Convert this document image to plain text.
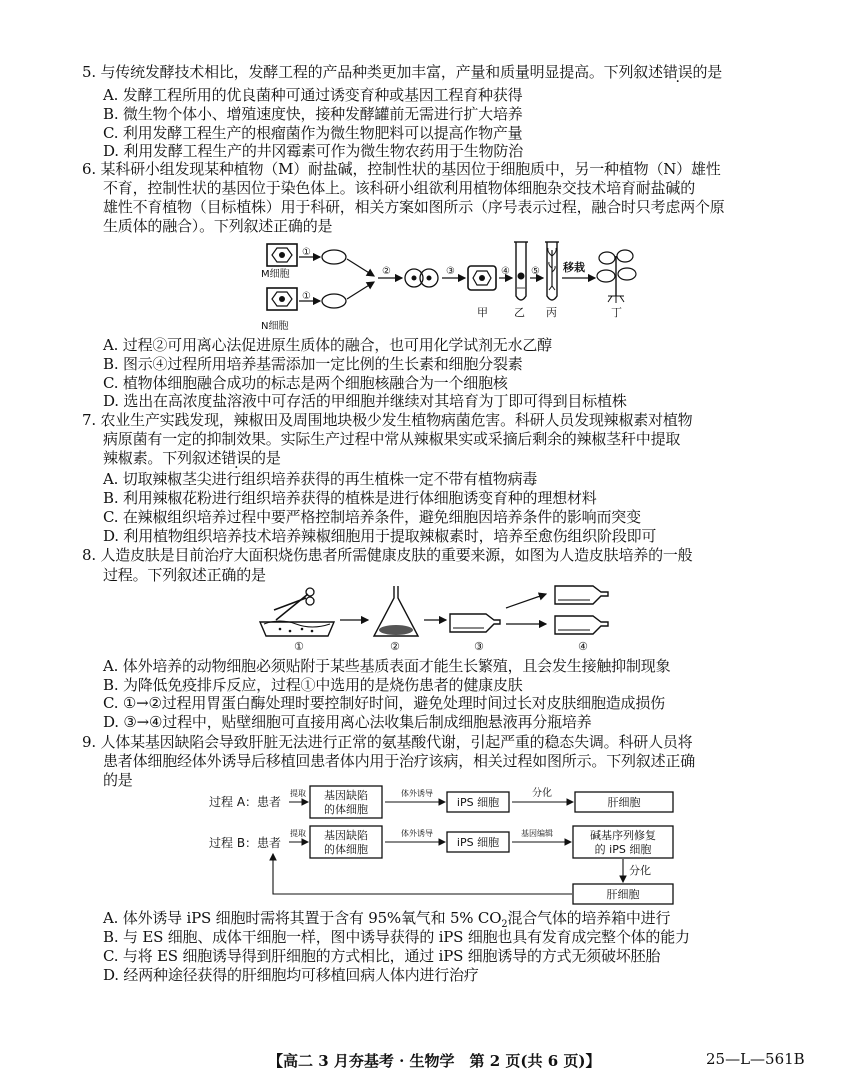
5. 与传统发酵技术相比，发酵工程的产品种类更加丰富，产量和质量明显提高。下列叙述错误的是
A. 发酵工程所用的优良菌种可通过诱变育种或基因工程育种获得
B. 微生物个体小、增殖速度快，接种发酵罐前无需进行扩大培养
C. 利用发酵工程生产的根瘤菌作为微生物肥料可以提高作物产量
D. 利用发酵工程生产的井冈霉素可作为微生物农药用于生物防治
6. 某科研小组发现某种植物（M）耐盐碱，控制性状的基因位于细胞质中，另一种植物（N）雄性
不育，控制性状的基因位于染色体上。该科研小组欲利用植物体细胞杂交技术培育耐盐碱的
雄性不育植物（目标植株）用于科研，相关方案如图所示（序号表示过程，融合时只考虑两个原
生质体的融合）。下列叙述正确的是
M细胞
①
N细胞
①
②	③
甲
④
乙
⑤
丙
移栽
丁
A. 过程②可用离心法促进原生质体的融合，也可用化学试剂无水乙醇
B. 图示④过程所用培养基需添加一定比例的生长素和细胞分裂素
C. 植物体细胞融合成功的标志是两个细胞核融合为一个细胞核
D. 选出在高浓度盐溶液中可存活的甲细胞并继续对其培育为丁即可得到目标植株
7. 农业生产实践发现，辣椒田及周围地块极少发生植物病菌危害。科研人员发现辣椒素对植物
病原菌有一定的抑制效果。实际生产过程中常从辣椒果实或采摘后剩余的辣椒茎秆中提取
辣椒素。下列叙述错误的是
A. 切取辣椒茎尖进行组织培养获得的再生植株一定不带有植物病毒
B. 利用辣椒花粉进行组织培养获得的植株是进行体细胞诱变育种的理想材料
C. 在辣椒组织培养过程中要严格控制培养条件，避免细胞因培养条件的影响而突变
D. 利用植物组织培养技术培养辣椒细胞用于提取辣椒素时，培养至愈伤组织阶段即可
8. 人造皮肤是目前治疗大面积烧伤患者所需健康皮肤的重要来源，如图为人造皮肤培养的一般
过程。下列叙述正确的是
①	②	③	④
A. 体外培养的动物细胞必须贴附于某些基质表面才能生长繁殖，且会发生接触抑制现象
B. 为降低免疫排斥反应，过程①中选用的是烧伤患者的健康皮肤
C. ①→②过程用胃蛋白酶处理时要控制好时间，避免处理时间过长对皮肤细胞造成损伤
D. ③→④过程中，贴壁细胞可直接用离心法收集后制成细胞悬液再分瓶培养
9. 人体某基因缺陷会导致肝脏无法进行正常的氨基酸代谢，引起严重的稳态失调。科研人员将
患者体细胞经体外诱导后移植回患者体内用于治疗该病，相关过程如图所示。下列叙述正确
的是
过程 A：患者
提取 基因缺陷
的体细胞
体外诱导
iPS 细胞
分化
肝细胞
过程 B：患者
提取 基因缺陷
的体细胞
体外诱导
iPS 细胞
基因编辑	碱基序列修复
的 iPS 细胞
分化
肝细胞
A. 体外诱导 iPS 细胞时需将其置于含有 95%氧气和 5% $CO_2$混合气体的培养箱中进行
B. 与 ES 细胞、成体干细胞一样，图中诱导获得的 iPS 细胞也具有发育成完整个体的能力
C. 与将 ES 细胞诱导得到肝细胞的方式相比，通过 iPS 细胞诱导的方式无须破坏胚胎
D. 经两种途径获得的肝细胞均可移植回病人体内进行治疗
【高二 3 月夯基考 · 生物学　第 2 页(共 6 页)】	25—L—561B
